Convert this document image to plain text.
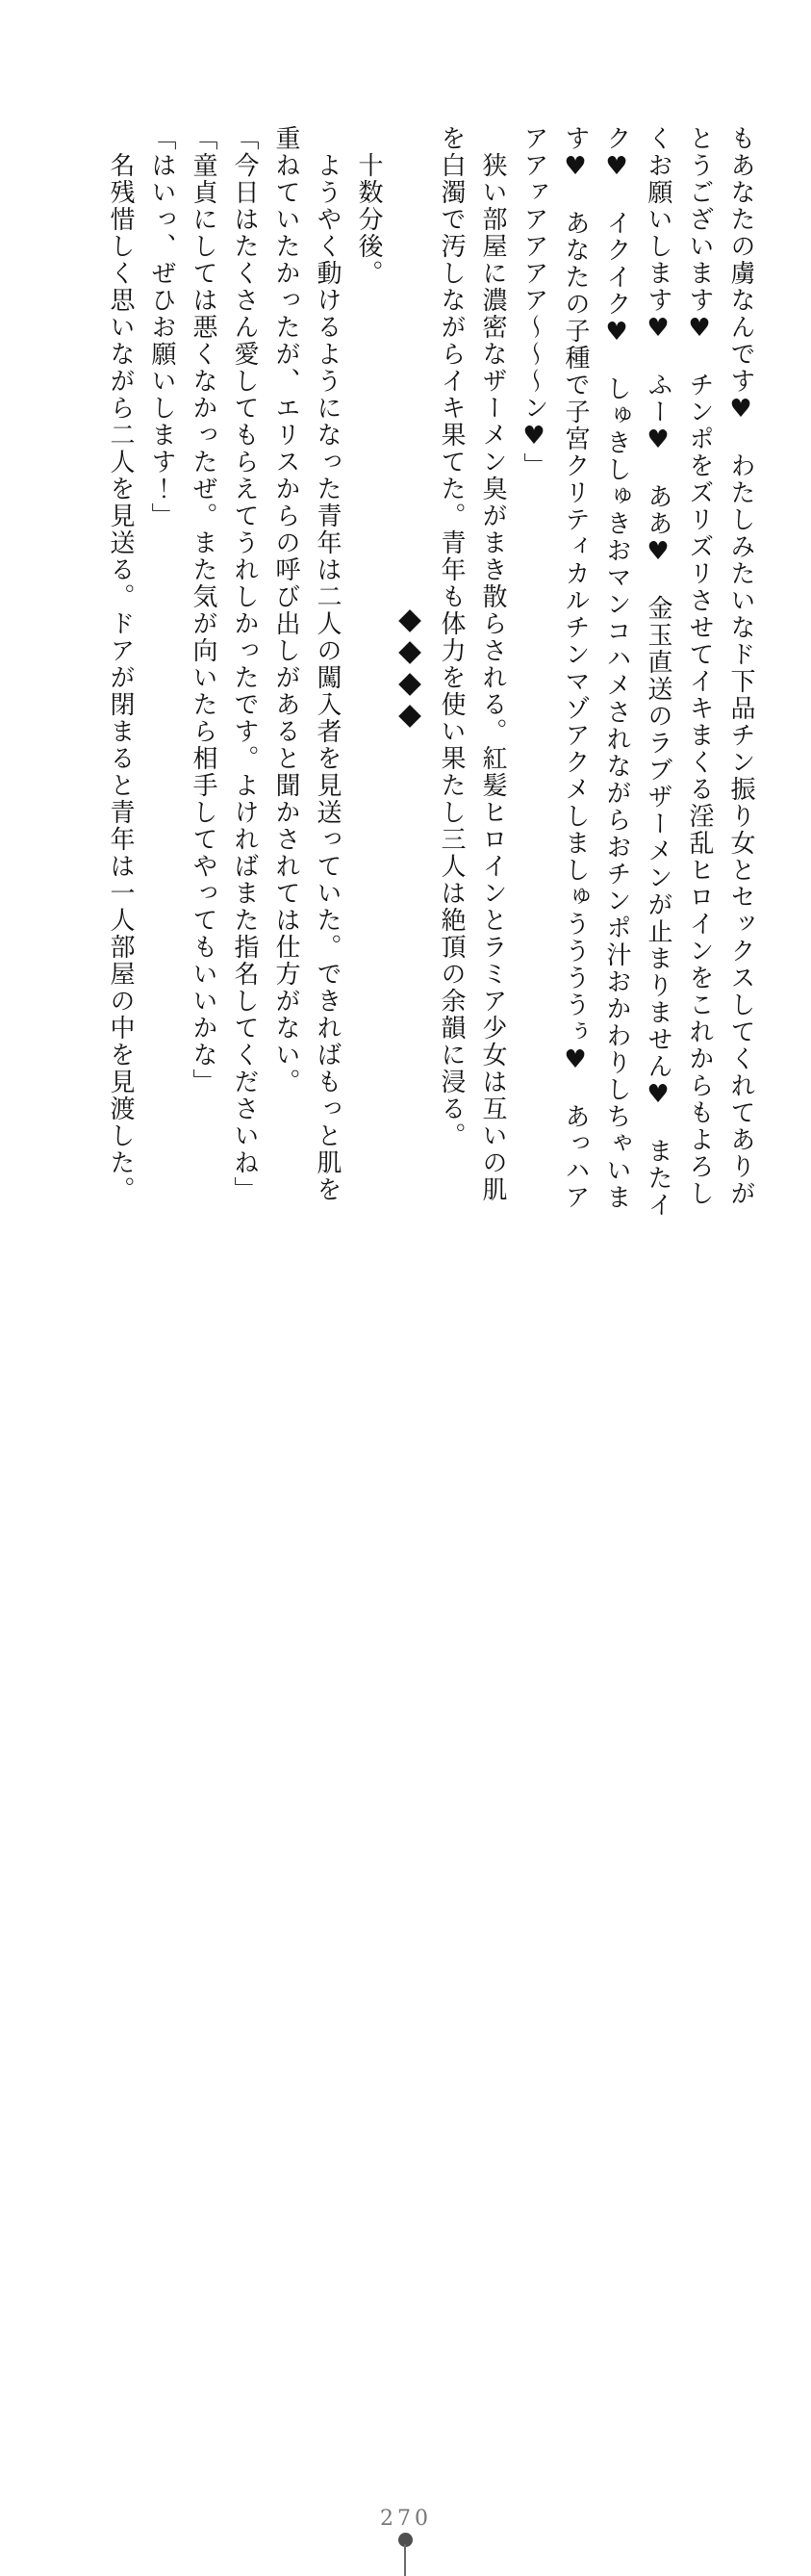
もあなたの虜なんです♥　わたしみたいなド下品チン振り女とセックスしてくれてありが

とうございます♥　チンポをズリズリさせてイキまくる淫乱ヒロインをこれからもよろし

くお願いします♥　ふー♥　ああ♥　金玉直送のラブザーメンが止まりません♥　またイ

ク♥　イクイク♥　しゅきしゅきおマンコハメされながらおチンポ汁おかわりしちゃいま

す♥　あなたの子種で子宮クリティカルチンマゾアクメしましゅううううぅ♥　あっハア

アアァアアアア～～～ン♥」

　狭い部屋に濃密なザーメン臭がまき散らされる。紅髪ヒロインとラミア少女は互いの肌

を白濁で汚しながらイキ果てた。青年も体力を使い果たし三人は絶頂の余韻に浸る。

◆◆◆◆

　十数分後。

　ようやく動けるようになった青年は二人の闖入者を見送っていた。できればもっと肌を

重ねていたかったが、エリスからの呼び出しがあると聞かされては仕方がない。

「今日はたくさん愛してもらえてうれしかったです。よければまた指名してくださいね」

「童貞にしては悪くなかったぜ。また気が向いたら相手してやってもいいかな」

「はいっ、ぜひお願いします！」

　名残惜しく思いながら二人を見送る。ドアが閉まると青年は一人部屋の中を見渡した。

270
